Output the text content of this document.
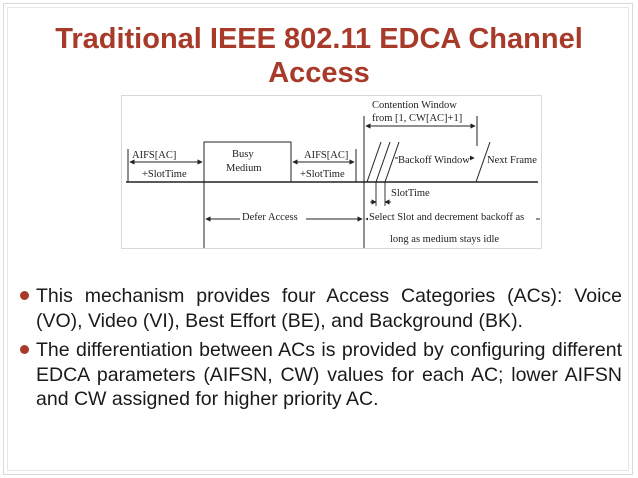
Traditional IEEE 802.11 EDCA Channel Access
AIFS[AC]
+SlotTime
Busy
Medium
AIFS[AC]
+SlotTime
Contention Window
from [1, CW[AC]+1]
Backoff Window Next Frame
SlotTime
Defer Access	Select Slot and decrement backoff as
long as medium stays idle
This mechanism provides four Access Categories (ACs): Voice (VO), Video (VI), Best Effort (BE), and Background (BK).
The differentiation between ACs is provided by configuring different EDCA parameters (AIFSN, CW) values for each AC; lower AIFSN and CW assigned for higher priority AC.
